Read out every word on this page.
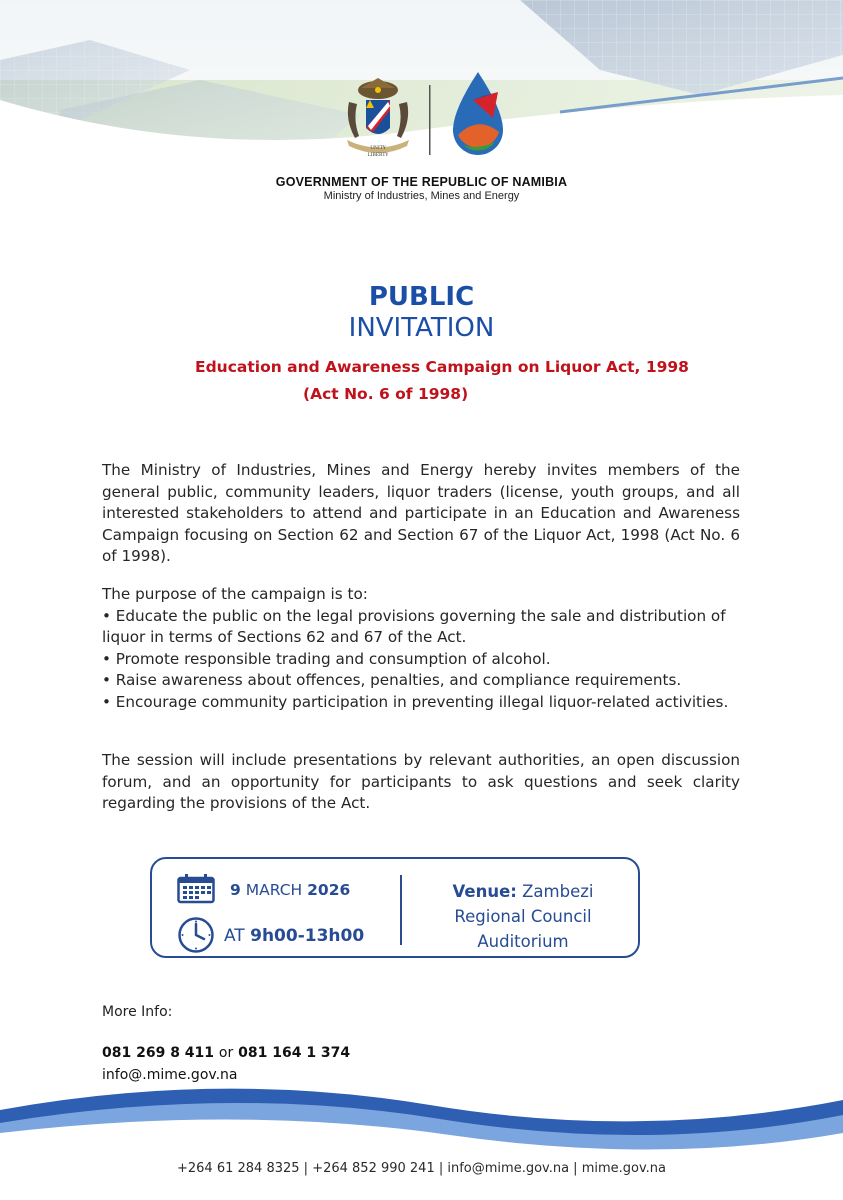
UNITY
LIBERTY
GOVERNMENT OF THE REPUBLIC OF NAMIBIA
Ministry of Industries, Mines and Energy
PUBLIC
INVITATION
Education and Awareness Campaign on Liquor Act, 1998
(Act No. 6 of 1998)
The Ministry of Industries, Mines and Energy hereby invites members of the general public, community leaders, liquor traders (license, youth groups, and all interested stakeholders to attend and participate in an Education and Awareness Campaign focusing on Section 62 and Section 67 of the Liquor Act, 1998 (Act No. 6 of 1998).
The purpose of the campaign is to:
• Educate the public on the legal provisions governing the sale and distribution of liquor in terms of Sections 62 and 67 of the Act.
• Promote responsible trading and consumption of alcohol.
• Raise awareness about offences, penalties, and compliance requirements.
• Encourage community participation in preventing illegal liquor-related activities.
The session will include presentations by relevant authorities, an open discussion forum, and an opportunity for participants to ask questions and seek clarity regarding the provisions of the Act.
9 MARCH 2026
AT 9h00-13h00
Venue: Zambezi
Regional Council
Auditorium
More Info:
081 269 8 411 or 081 164 1 374
info@.mime.gov.na
+264 61 284 8325 | +264 852 990 241 | info@mime.gov.na | mime.gov.na
